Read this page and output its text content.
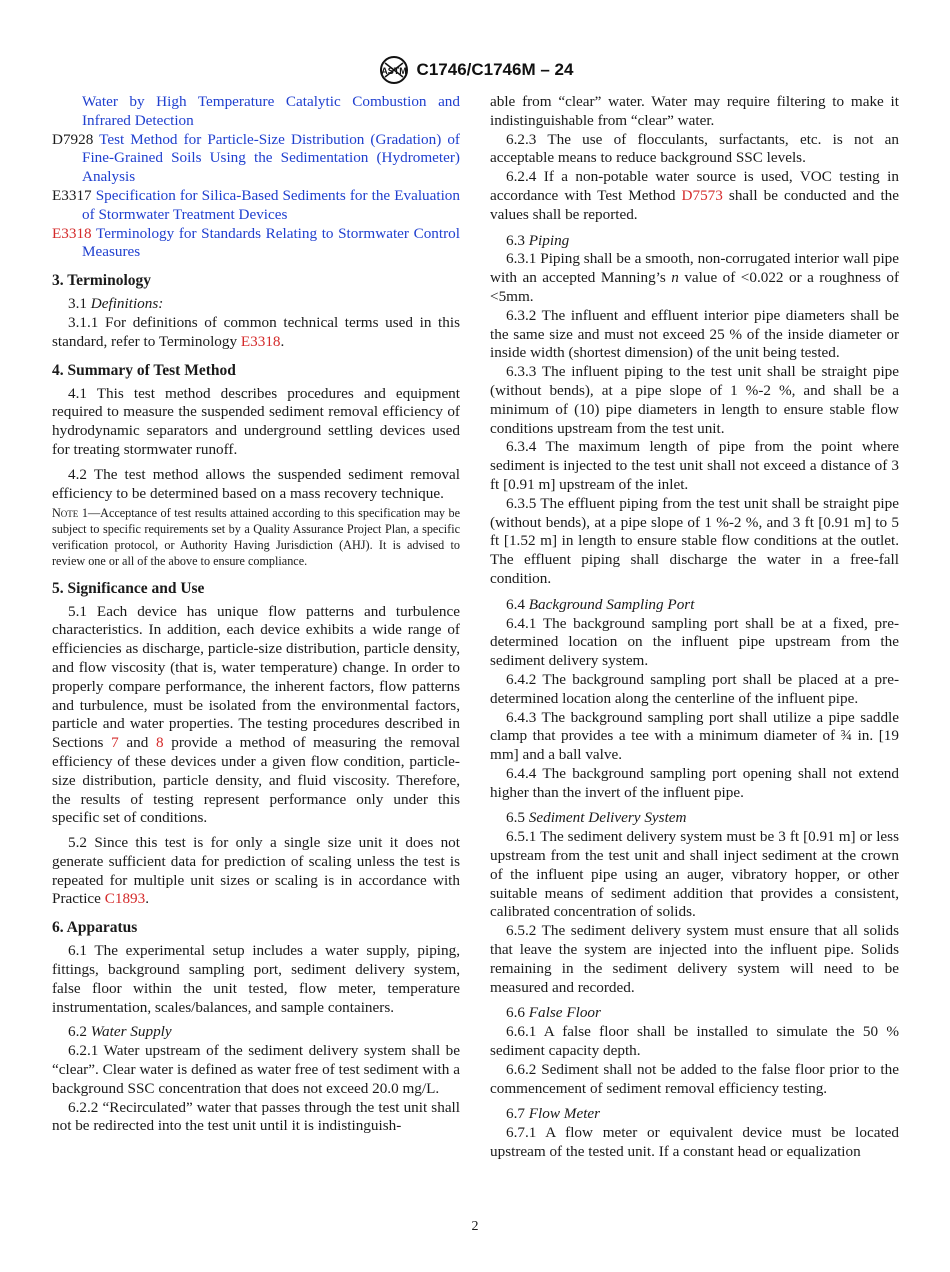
ASTM C1746/C1746M – 24

Water by High Temperature Catalytic Combustion and Infrared Detection

D7928 Test Method for Particle-Size Distribution (Gradation) of Fine-Grained Soils Using the Sedimentation (Hydrometer) Analysis

E3317 Specification for Silica-Based Sediments for the Evaluation of Stormwater Treatment Devices

E3318 Terminology for Standards Relating to Stormwater Control Measures

3. Terminology

3.1 Definitions:

3.1.1 For definitions of common technical terms used in this standard, refer to Terminology E3318.

4. Summary of Test Method

4.1 This test method describes procedures and equipment required to measure the suspended sediment removal efficiency of hydrodynamic separators and underground settling devices used for treating stormwater runoff.

4.2 The test method allows the suspended sediment removal efficiency to be determined based on a mass recovery technique.

Note 1—Acceptance of test results attained according to this specification may be subject to specific requirements set by a Quality Assurance Project Plan, a specific verification protocol, or Authority Having Jurisdiction (AHJ). It is advised to review one or all of the above to ensure compliance.

5. Significance and Use

5.1 Each device has unique flow patterns and turbulence characteristics. In addition, each device exhibits a wide range of efficiencies as discharge, particle-size distribution, particle density, and flow viscosity (that is, water temperature) change. In order to properly compare performance, the inherent factors, flow patterns and turbulence, must be isolated from the environmental factors, particle and water properties. The testing procedures described in Sections 7 and 8 provide a method of measuring the removal efficiency of these devices under a given flow condition, particle-size distribution, particle density, and fluid viscosity. Therefore, the results of testing represent performance only under this specific set of conditions.

5.2 Since this test is for only a single size unit it does not generate sufficient data for prediction of scaling unless the test is repeated for multiple unit sizes or scaling is in accordance with Practice C1893.

6. Apparatus

6.1 The experimental setup includes a water supply, piping, fittings, background sampling port, sediment delivery system, false floor within the unit tested, flow meter, temperature instrumentation, scales/balances, and sample containers.

6.2 Water Supply

6.2.1 Water upstream of the sediment delivery system shall be “clear”. Clear water is defined as water free of test sediment with a background SSC concentration that does not exceed 20.0 mg/L.

6.2.2 “Recirculated” water that passes through the test unit shall not be redirected into the test unit until it is indistinguish-

able from “clear” water. Water may require filtering to make it indistinguishable from “clear” water.

6.2.3 The use of flocculants, surfactants, etc. is not an acceptable means to reduce background SSC levels.

6.2.4 If a non-potable water source is used, VOC testing in accordance with Test Method D7573 shall be conducted and the values shall be reported.

6.3 Piping

6.3.1 Piping shall be a smooth, non-corrugated interior wall pipe with an accepted Manning’s n value of <0.022 or a roughness of <5mm.

6.3.2 The influent and effluent interior pipe diameters shall be the same size and must not exceed 25 % of the inside diameter or inside width (shortest dimension) of the unit being tested.

6.3.3 The influent piping to the test unit shall be straight pipe (without bends), at a pipe slope of 1 %-2 %, and shall be a minimum of (10) pipe diameters in length to ensure stable flow conditions upstream from the test unit.

6.3.4 The maximum length of pipe from the point where sediment is injected to the test unit shall not exceed a distance of 3 ft [0.91 m] upstream of the inlet.

6.3.5 The effluent piping from the test unit shall be straight pipe (without bends), at a pipe slope of 1 %-2 %, and 3 ft [0.91 m] to 5 ft [1.52 m] in length to ensure stable flow conditions at the outlet. The effluent piping shall discharge the water in a free-fall condition.

6.4 Background Sampling Port

6.4.1 The background sampling port shall be at a fixed, pre-determined location on the influent pipe upstream from the sediment delivery system.

6.4.2 The background sampling port shall be placed at a pre-determined location along the centerline of the influent pipe.

6.4.3 The background sampling port shall utilize a pipe saddle clamp that provides a tee with a minimum diameter of ¾ in. [19 mm] and a ball valve.

6.4.4 The background sampling port opening shall not extend higher than the invert of the influent pipe.

6.5 Sediment Delivery System

6.5.1 The sediment delivery system must be 3 ft [0.91 m] or less upstream from the test unit and shall inject sediment at the crown of the influent pipe using an auger, vibratory hopper, or other suitable means of sediment addition that provides a consistent, calibrated concentration of solids.

6.5.2 The sediment delivery system must ensure that all solids that leave the system are injected into the influent pipe. Solids remaining in the sediment delivery system will need to be measured and recorded.

6.6 False Floor

6.6.1 A false floor shall be installed to simulate the 50 % sediment capacity depth.

6.6.2 Sediment shall not be added to the false floor prior to the commencement of sediment removal efficiency testing.

6.7 Flow Meter

6.7.1 A flow meter or equivalent device must be located upstream of the tested unit. If a constant head or equalization

2
